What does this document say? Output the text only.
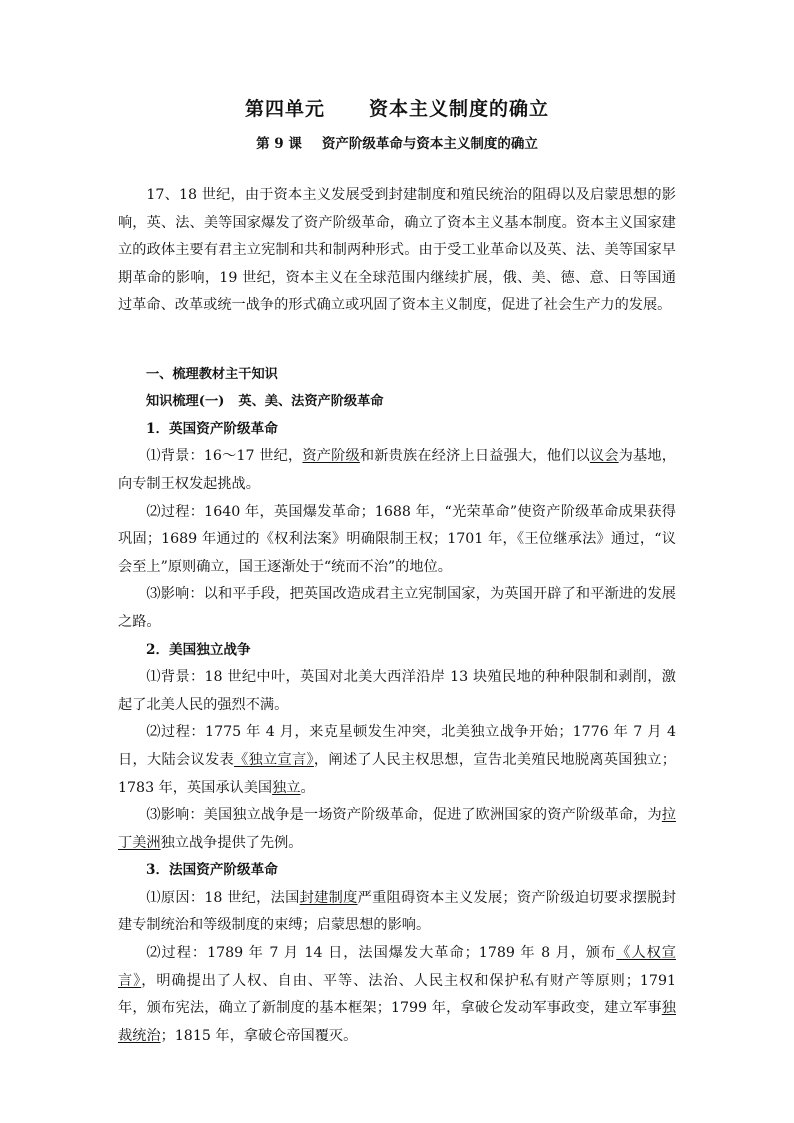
第四单元 资本主义制度的确立
第 9 课 资产阶级革命与资本主义制度的确立

17、18 世纪，由于资本主义发展受到封建制度和殖民统治的阻碍以及启蒙思想的影响，英、法、美等国家爆发了资产阶级革命，确立了资本主义基本制度。资本主义国家建立的政体主要有君主立宪制和共和制两种形式。由于受工业革命以及英、法、美等国家早期革命的影响，19 世纪，资本主义在全球范围内继续扩展，俄、美、德、意、日等国通过革命、改革或统一战争的形式确立或巩固了资本主义制度，促进了社会生产力的发展。

一、梳理教材主干知识

知识梳理(一) 英、美、法资产阶级革命

1．英国资产阶级革命

⑴背景：16～17 世纪，资产阶级和新贵族在经济上日益强大，他们以议会为基地，向专制王权发起挑战。

⑵过程：1640 年，英国爆发革命；1688 年，“光荣革命”使资产阶级革命成果获得巩固；1689 年通过的《权利法案》明确限制王权；1701 年，《王位继承法》通过，“议会至上”原则确立，国王逐渐处于“统而不治”的地位。

⑶影响：以和平手段，把英国改造成君主立宪制国家，为英国开辟了和平渐进的发展之路。

2．美国独立战争

⑴背景：18 世纪中叶，英国对北美大西洋沿岸 13 块殖民地的种种限制和剥削，激起了北美人民的强烈不满。

⑵过程：1775 年 4 月，来克星顿发生冲突，北美独立战争开始；1776 年 7 月 4 日，大陆会议发表《独立宣言》，阐述了人民主权思想，宣告北美殖民地脱离英国独立；1783 年，英国承认美国独立。

⑶影响：美国独立战争是一场资产阶级革命，促进了欧洲国家的资产阶级革命，为拉丁美洲独立战争提供了先例。

3．法国资产阶级革命

⑴原因：18 世纪，法国封建制度严重阻碍资本主义发展；资产阶级迫切要求摆脱封建专制统治和等级制度的束缚；启蒙思想的影响。

⑵过程：1789 年 7 月 14 日，法国爆发大革命；1789 年 8 月，颁布《人权宣言》，明确提出了人权、自由、平等、法治、人民主权和保护私有财产等原则；1791 年，颁布宪法，确立了新制度的基本框架；1799 年，拿破仑发动军事政变，建立军事独裁统治；1815 年，拿破仑帝国覆灭。
